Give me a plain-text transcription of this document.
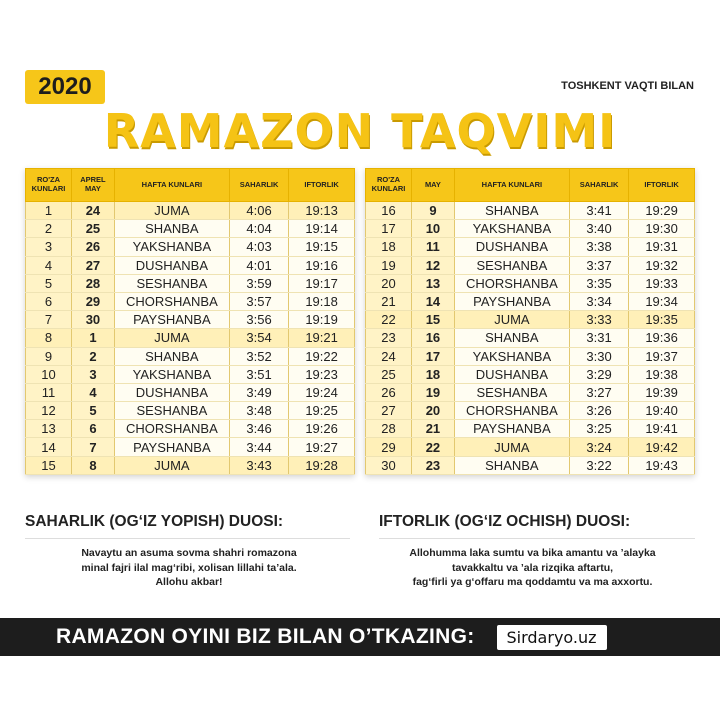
2020	TOSHKENT VAQTI BILAN
RAMAZON TAQVIMI
RO'ZA KUNLARI	APREL MAY	HAFTA KUNLARI	SAHARLIK	IFTORLIK
1	24	JUMA	4:06	19:13
2	25	SHANBA	4:04	19:14
3	26	YAKSHANBA	4:03	19:15
4	27	DUSHANBA	4:01	19:16
5	28	SESHANBA	3:59	19:17
6	29	CHORSHANBA	3:57	19:18
7	30	PAYSHANBA	3:56	19:19
8	1	JUMA	3:54	19:21
9	2	SHANBA	3:52	19:22
10	3	YAKSHANBA	3:51	19:23
11	4	DUSHANBA	3:49	19:24
12	5	SESHANBA	3:48	19:25
13	6	CHORSHANBA	3:46	19:26
14	7	PAYSHANBA	3:44	19:27
15	8	JUMA	3:43	19:28
RO'ZA KUNLARI	MAY	HAFTA KUNLARI	SAHARLIK	IFTORLIK
16	9	SHANBA	3:41	19:29
17	10	YAKSHANBA	3:40	19:30
18	11	DUSHANBA	3:38	19:31
19	12	SESHANBA	3:37	19:32
20	13	CHORSHANBA	3:35	19:33
21	14	PAYSHANBA	3:34	19:34
22	15	JUMA	3:33	19:35
23	16	SHANBA	3:31	19:36
24	17	YAKSHANBA	3:30	19:37
25	18	DUSHANBA	3:29	19:38
26	19	SESHANBA	3:27	19:39
27	20	CHORSHANBA	3:26	19:40
28	21	PAYSHANBA	3:25	19:41
29	22	JUMA	3:24	19:42
30	23	SHANBA	3:22	19:43
SAHARLIK (OG‘IZ YOPISH) DUOSI:	IFTORLIK (OG‘IZ OCHISH) DUOSI:
Navaytu an asuma sovma shahri romazona
minal fajri ilal mag‘ribi, xolisan lillahi ta’ala.
Allohu akbar!
Allohumma laka sumtu va bika amantu va ’alayka
tavakkaltu va ’ala rizqika aftartu,
fag‘firli ya g‘offaru ma qoddamtu va ma axxortu.
RAMAZON OYINI BIZ BILAN O’TKAZING:	Sirdaryo.uz
